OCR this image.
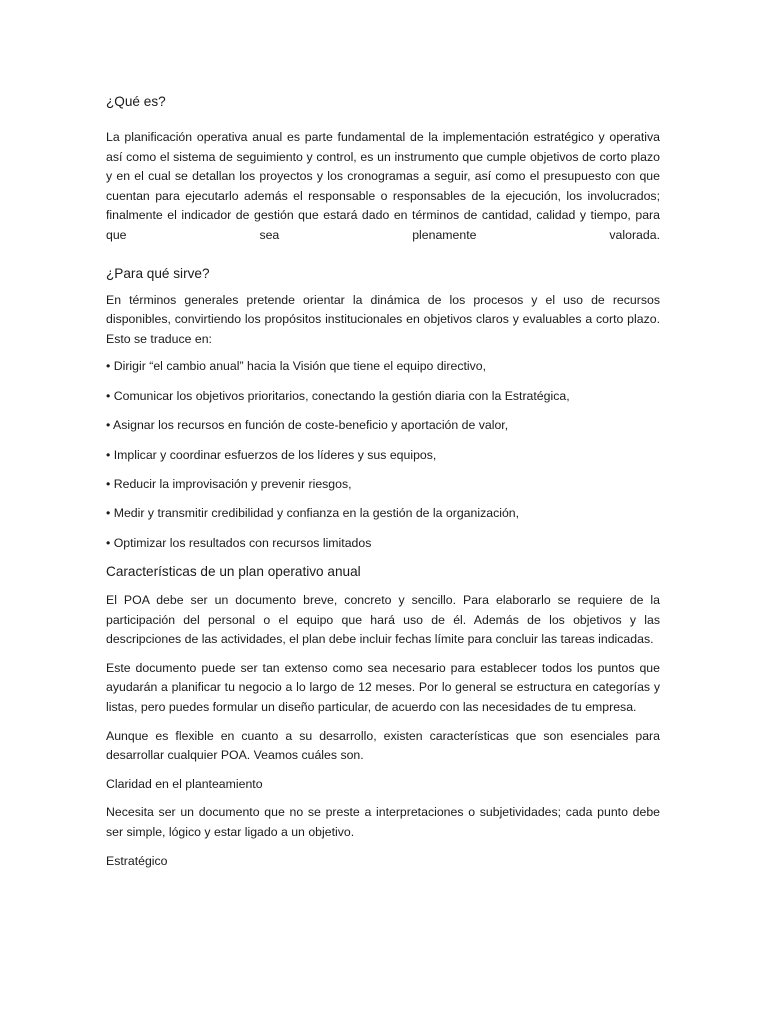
¿Qué es?

La planificación operativa anual es parte fundamental de la implementación estratégico y operativa así como el sistema de seguimiento y control, es un instrumento que cumple objetivos de corto plazo y en el cual se detallan los proyectos y los cronogramas a seguir, así como el presupuesto con que cuentan para ejecutarlo además el responsable o responsables de la ejecución, los involucrados; finalmente el indicador de gestión que estará dado en términos de cantidad, calidad y tiempo, para que sea plenamente valorada.

¿Para qué sirve?

En términos generales pretende orientar la dinámica de los procesos y el uso de recursos disponibles, convirtiendo los propósitos institucionales en objetivos claros y evaluables a corto plazo. Esto se traduce en:

• Dirigir “el cambio anual” hacia la Visión que tiene el equipo directivo,

• Comunicar los objetivos prioritarios, conectando la gestión diaria con la Estratégica,

• Asignar los recursos en función de coste-beneficio y aportación de valor,

• Implicar y coordinar esfuerzos de los líderes y sus equipos,

• Reducir la improvisación y prevenir riesgos,

• Medir y transmitir credibilidad y confianza en la gestión de la organización,

• Optimizar los resultados con recursos limitados

Características de un plan operativo anual

El POA debe ser un documento breve, concreto y sencillo. Para elaborarlo se requiere de la participación del personal o el equipo que hará uso de él. Además de los objetivos y las descripciones de las actividades, el plan debe incluir fechas límite para concluir las tareas indicadas.

Este documento puede ser tan extenso como sea necesario para establecer todos los puntos que ayudarán a planificar tu negocio a lo largo de 12 meses. Por lo general se estructura en categorías y listas, pero puedes formular un diseño particular, de acuerdo con las necesidades de tu empresa.

Aunque es flexible en cuanto a su desarrollo, existen características que son esenciales para desarrollar cualquier POA. Veamos cuáles son.

Claridad en el planteamiento

Necesita ser un documento que no se preste a interpretaciones o subjetividades; cada punto debe ser simple, lógico y estar ligado a un objetivo.

Estratégico
